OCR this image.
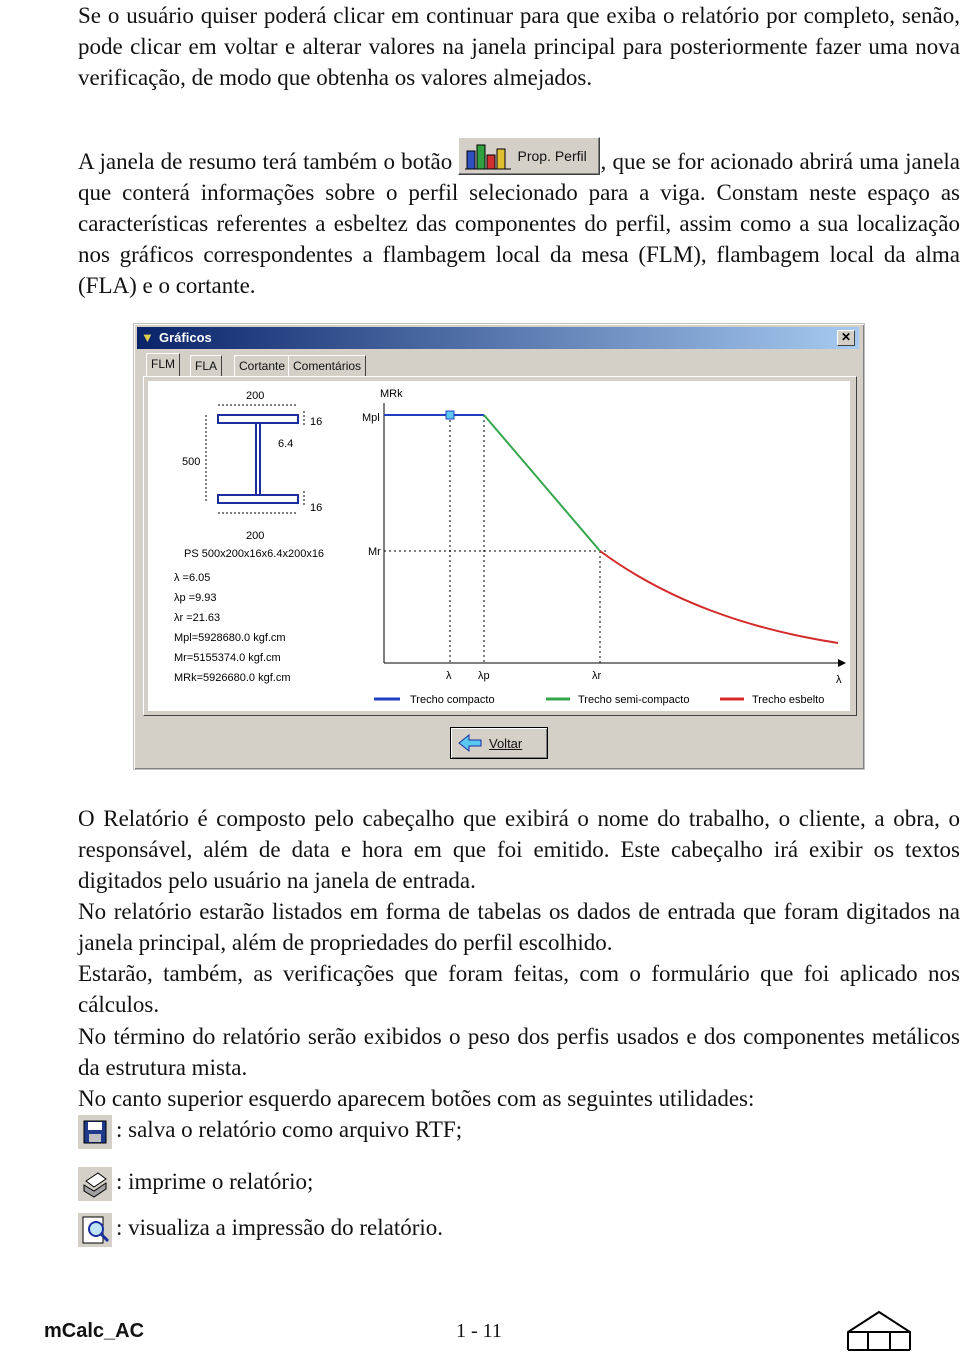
Se o usuário quiser poderá clicar em continuar para que exiba o relatório por completo, senão, pode clicar em voltar e alterar valores na janela principal para posteriormente fazer uma nova verificação, de modo que obtenha os valores almejados.

A janela de resumo terá também o botão	Prop. Perfil , que se for acionado abrirá uma janela que conterá informações sobre o perfil selecionado para a viga. Constam neste espaço as características referentes a esbeltez das componentes do perfil, assim como a sua localização nos gráficos correspondentes a flambagem local da mesa (FLM), flambagem local da alma (FLA) e o cortante.

▼ Gráficos	✕
FLM	FLA	Cortante Comentários
200
16
6.4
500
16
200
PS 500x200x16x6.4x200x16
λ =6.05
λp =9.93
λr =21.63
Mpl=5928680.0 kgf.cm
Mr=5155374.0 kgf.cm
MRk=5926680.0 kgf.cm
MRk
Mpl
Mr
λ
λ λp	λr
Trecho compacto	Trecho semi-compacto	Trecho esbelto
Voltar

O Relatório é composto pelo cabeçalho que exibirá o nome do trabalho, o cliente, a obra, o responsável, além de data e hora em que foi emitido. Este cabeçalho irá exibir os textos digitados pelo usuário na janela de entrada.

No relatório estarão listados em forma de tabelas os dados de entrada que foram digitados na janela principal, além de propriedades do perfil escolhido.

Estarão, também, as verificações que foram feitas, com o formulário que foi aplicado nos cálculos.

No término do relatório serão exibidos o peso dos perfis usados e dos componentes metálicos da estrutura mista.

No canto superior esquerdo aparecem botões com as seguintes utilidades:

: salva o relatório como arquivo RTF;
: imprime o relatório;
: visualiza a impressão do relatório.
mCalc_AC	1 - 11
